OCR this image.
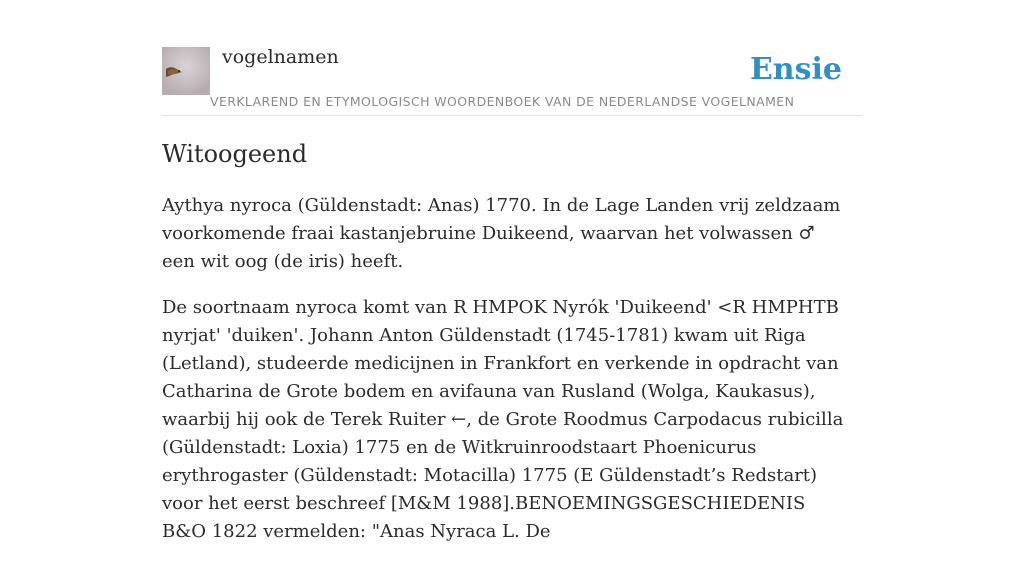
vogelnamen	Ensie
VERKLAREND EN ETYMOLOGISCH WOORDENBOEK VAN DE NEDERLANDSE VOGELNAMEN
Witoogeend

Aythya nyroca (Güldenstadt: Anas) 1770. In de Lage Landen vrij zeldzaam voorkomende fraai kastanjebruine Duikeend, waarvan het volwassen ♂ een wit oog (de iris) heeft.

De soortnaam nyroca komt van R HMPOK Nyrók 'Duikeend' <R HMPHTB nyrjat' 'duiken'. Johann Anton Güldenstadt (1745-1781) kwam uit Riga (Letland), studeerde medicijnen in Frankfort en verkende in opdracht van Catharina de Grote bodem en avifauna van Rusland (Wolga, Kaukasus), waarbij hij ook de Terek Ruiter ←, de Grote Roodmus Carpodacus rubicilla (Güldenstadt: Loxia) 1775 en de Witkruinroodstaart Phoenicurus erythrogaster (Güldenstadt: Motacilla) 1775 (E Güldenstadt’s Redstart) voor het eerst beschreef [M&M 1988].BENOEMINGSGESCHIEDENIS B&O 1822 vermelden: "Anas Nyraca L. De
